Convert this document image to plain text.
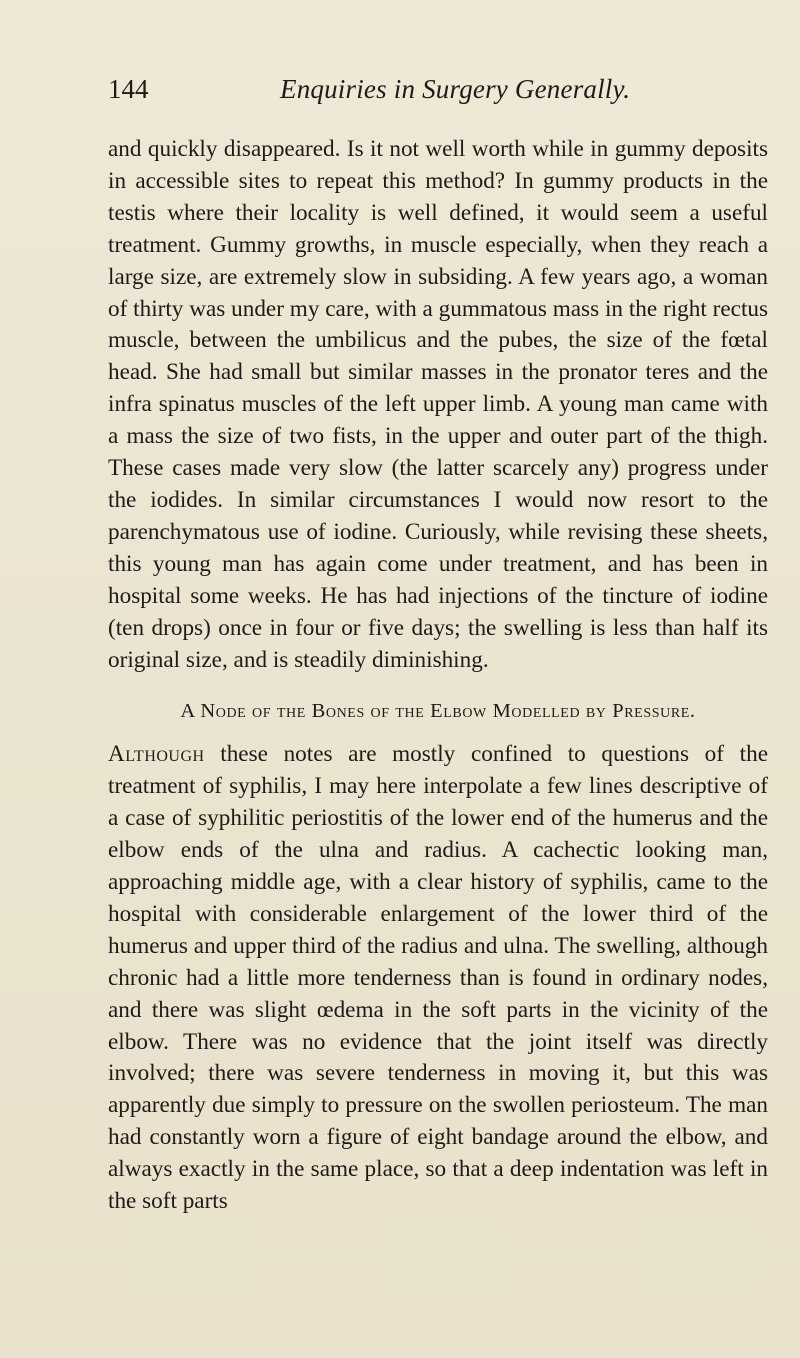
144	Enquiries in Surgery Generally.

and quickly disappeared. Is it not well worth while in gummy deposits in accessible sites to repeat this method? In gummy products in the testis where their locality is well defined, it would seem a useful treatment. Gummy growths, in muscle especially, when they reach a large size, are extremely slow in subsiding. A few years ago, a woman of thirty was under my care, with a gummatous mass in the right rectus muscle, between the umbilicus and the pubes, the size of the fœtal head. She had small but similar masses in the pronator teres and the infra spinatus muscles of the left upper limb. A young man came with a mass the size of two fists, in the upper and outer part of the thigh. These cases made very slow (the latter scarcely any) progress under the iodides. In similar circumstances I would now resort to the parenchymatous use of iodine. Curiously, while revising these sheets, this young man has again come under treatment, and has been in hospital some weeks. He has had injections of the tincture of iodine (ten drops) once in four or five days; the swelling is less than half its original size, and is steadily diminishing.

A Node of the Bones of the Elbow Modelled by Pressure.

Although these notes are mostly confined to questions of the treatment of syphilis, I may here interpolate a few lines descriptive of a case of syphilitic periostitis of the lower end of the humerus and the elbow ends of the ulna and radius. A cachectic looking man, approaching middle age, with a clear history of syphilis, came to the hospital with considerable enlargement of the lower third of the humerus and upper third of the radius and ulna. The swelling, although chronic had a little more tenderness than is found in ordinary nodes, and there was slight œdema in the soft parts in the vicinity of the elbow. There was no evidence that the joint itself was directly involved; there was severe tenderness in moving it, but this was apparently due simply to pressure on the swollen periosteum. The man had constantly worn a figure of eight bandage around the elbow, and always exactly in the same place, so that a deep indentation was left in the soft parts
